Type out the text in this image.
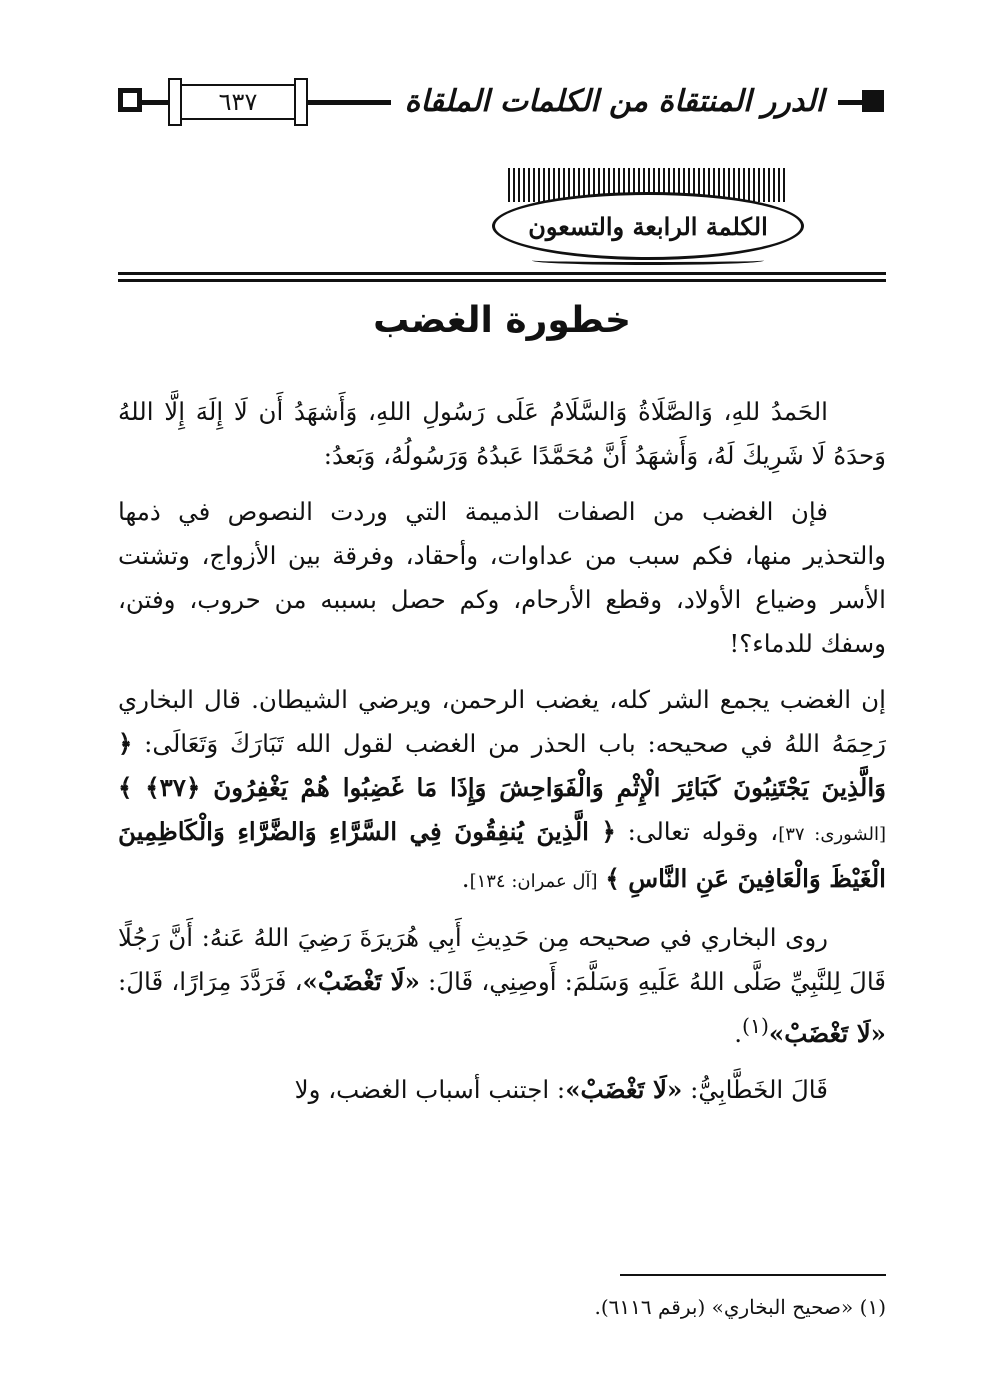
٦٣٧	الدرر المنتقاة من الكلمات الملقاة
الكلمة الرابعة والتسعون
خطورة الغضب

الحَمدُ للهِ، وَالصَّلَاةُ وَالسَّلَامُ عَلَى رَسُولِ اللهِ، وَأَشهَدُ أَن لَا إِلَهَ إِلَّا اللهُ وَحدَهُ لَا شَرِيكَ لَهُ، وَأَشهَدُ أَنَّ مُحَمَّدًا عَبدُهُ وَرَسُولُهُ، وَبَعدُ:

فإن الغضب من الصفات الذميمة التي وردت النصوص في ذمها والتحذير منها، فكم سبب من عداوات، وأحقاد، وفرقة بين الأزواج، وتشتت الأسر وضياع الأولاد، وقطع الأرحام، وكم حصل بسببه من حروب، وفتن، وسفك للدماء؟!

إن الغضب يجمع الشر كله، يغضب الرحمن، ويرضي الشيطان. قال البخاري رَحِمَهُ اللهُ في صحيحه: باب الحذر من الغضب لقول الله تَبَارَكَ وَتَعَالَى: ﴿ وَالَّذِينَ يَجْتَنِبُونَ كَبَائِرَ الْإِثْمِ وَالْفَوَاحِشَ وَإِذَا مَا غَضِبُوا هُمْ يَغْفِرُونَ ﴿٣٧﴾ ﴾ [الشورى: ٣٧]، وقوله تعالى: ﴿ الَّذِينَ يُنفِقُونَ فِي السَّرَّاءِ وَالضَّرَّاءِ وَالْكَاظِمِينَ الْغَيْظَ وَالْعَافِينَ عَنِ النَّاسِ ﴾ [آل عمران: ١٣٤].

روى البخاري في صحيحه مِن حَدِيثِ أَبِي هُرَيرَةَ رَضِيَ اللهُ عَنهُ: أَنَّ رَجُلًا قَالَ لِلنَّبِيِّ صَلَّى اللهُ عَلَيهِ وَسَلَّمَ: أَوصِنِي، قَالَ: «لَا تَغْضَبْ»، فَرَدَّدَ مِرَارًا، قَالَ: «لَا تَغْضَبْ»$^{(١)}$.

قَالَ الخَطَّابِيُّ: «لَا تَغْضَبْ»: اجتنب أسباب الغضب، ولا

(١) «صحيح البخاري» (برقم ٦١١٦).
